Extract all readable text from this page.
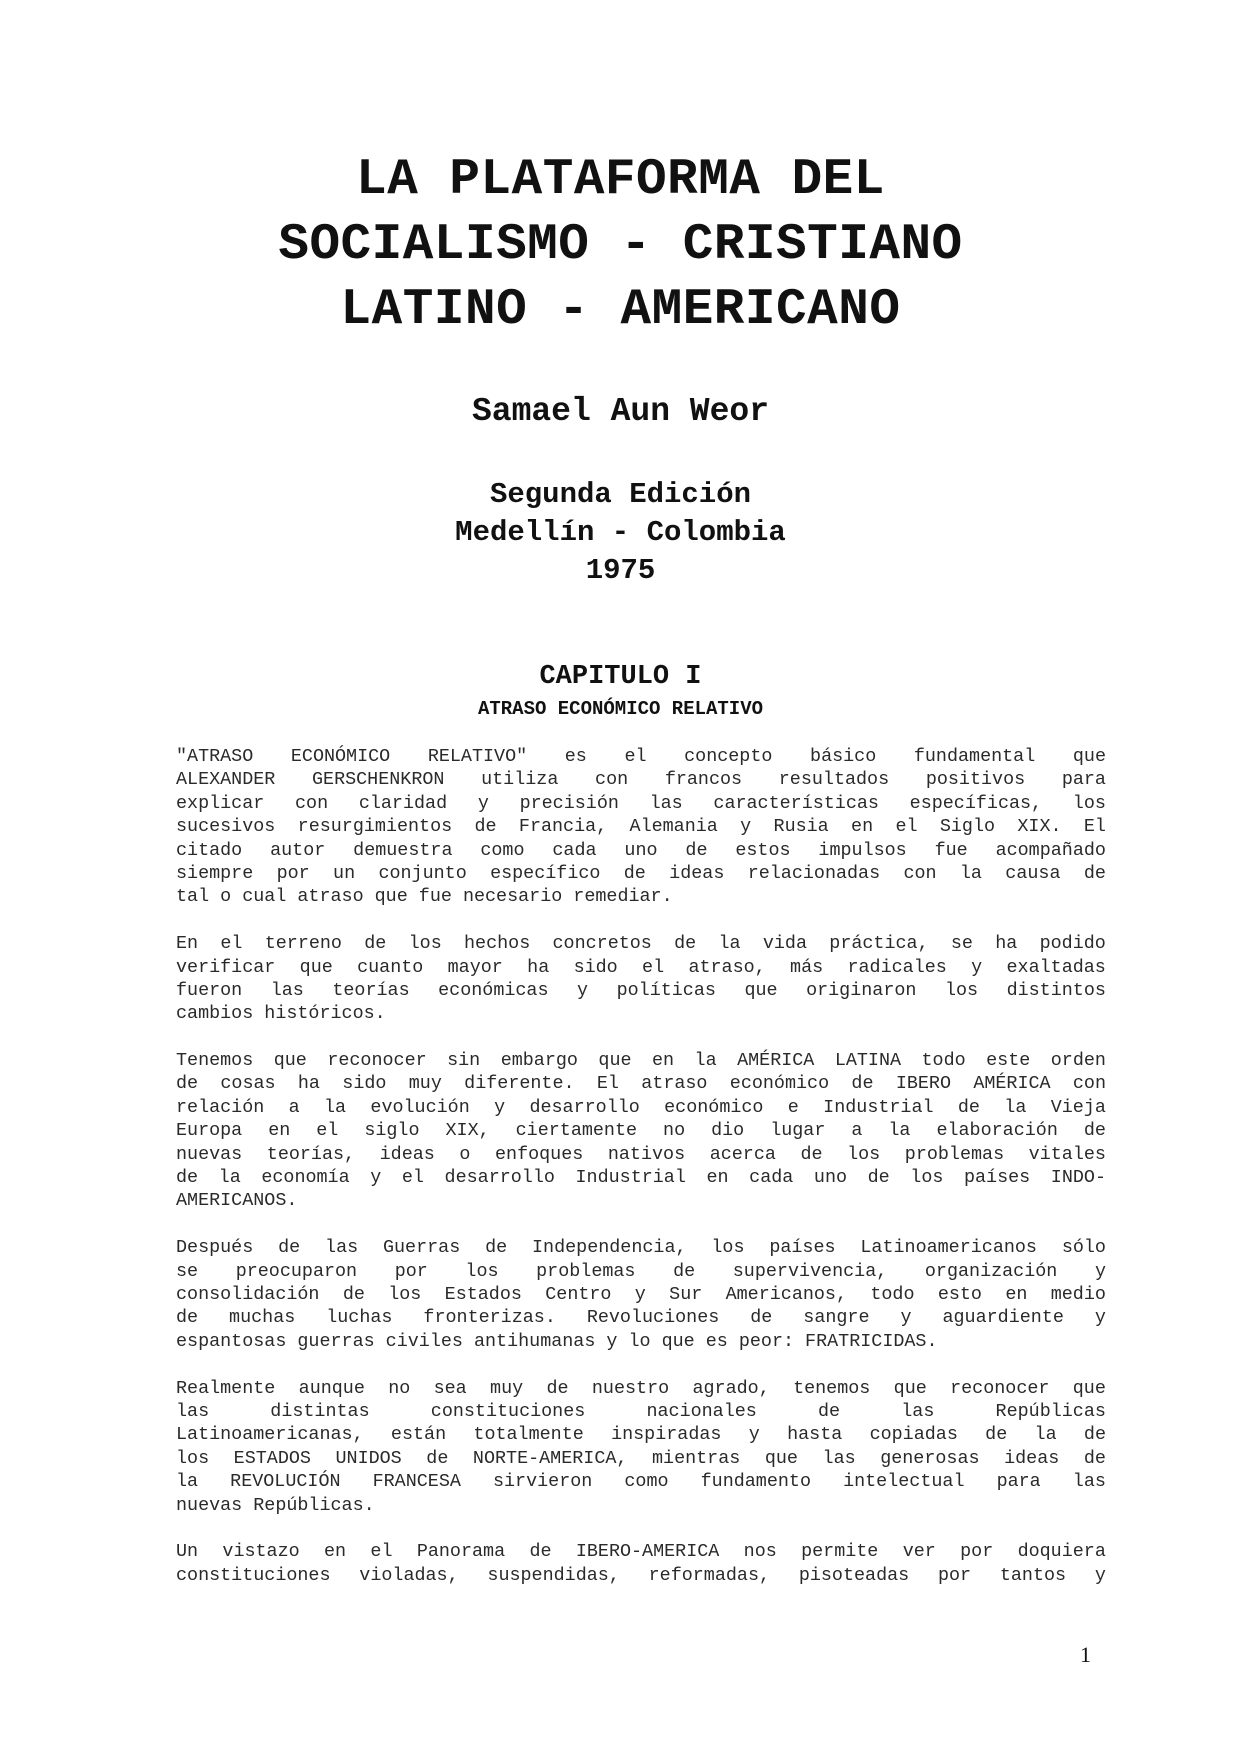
LA PLATAFORMA DEL
SOCIALISMO - CRISTIANO
LATINO - AMERICANO
Samael Aun Weor
Segunda Edición
Medellín - Colombia
1975
CAPITULO I
ATRASO ECONÓMICO RELATIVO
"ATRASO ECONÓMICO RELATIVO" es el concepto básico fundamental que
ALEXANDER GERSCHENKRON utiliza con francos resultados positivos para
explicar con claridad y precisión las características específicas, los
sucesivos resurgimientos de Francia, Alemania y Rusia en el Siglo XIX. El
citado autor demuestra como cada uno de estos impulsos fue acompañado
siempre por un conjunto específico de ideas relacionadas con la causa de
tal o cual atraso que fue necesario remediar.
En el terreno de los hechos concretos de la vida práctica, se ha podido
verificar que cuanto mayor ha sido el atraso, más radicales y exaltadas
fueron las teorías económicas y políticas que originaron los distintos
cambios históricos.
Tenemos que reconocer sin embargo que en la AMÉRICA LATINA todo este orden
de cosas ha sido muy diferente. El atraso económico de IBERO AMÉRICA con
relación a la evolución y desarrollo económico e Industrial de la Vieja
Europa en el siglo XIX, ciertamente no dio lugar a la elaboración de
nuevas teorías, ideas o enfoques nativos acerca de los problemas vitales
de la economía y el desarrollo Industrial en cada uno de los países INDO-
AMERICANOS.
Después de las Guerras de Independencia, los países Latinoamericanos sólo
se preocuparon por los problemas de supervivencia, organización y
consolidación de los Estados Centro y Sur Americanos, todo esto en medio
de muchas luchas fronterizas. Revoluciones de sangre y aguardiente y
espantosas guerras civiles antihumanas y lo que es peor: FRATRICIDAS.
Realmente aunque no sea muy de nuestro agrado, tenemos que reconocer que
las	distintas	constituciones	nacionales	de	las	Repúblicas
Latinoamericanas, están totalmente inspiradas y hasta copiadas de la de
los ESTADOS UNIDOS de NORTE-AMERICA, mientras que las generosas ideas de
la REVOLUCIÓN FRANCESA sirvieron como fundamento intelectual para las
nuevas Repúblicas.
Un vistazo en el Panorama de IBERO-AMERICA nos permite ver por doquiera
constituciones violadas, suspendidas, reformadas, pisoteadas por tantos y
1
